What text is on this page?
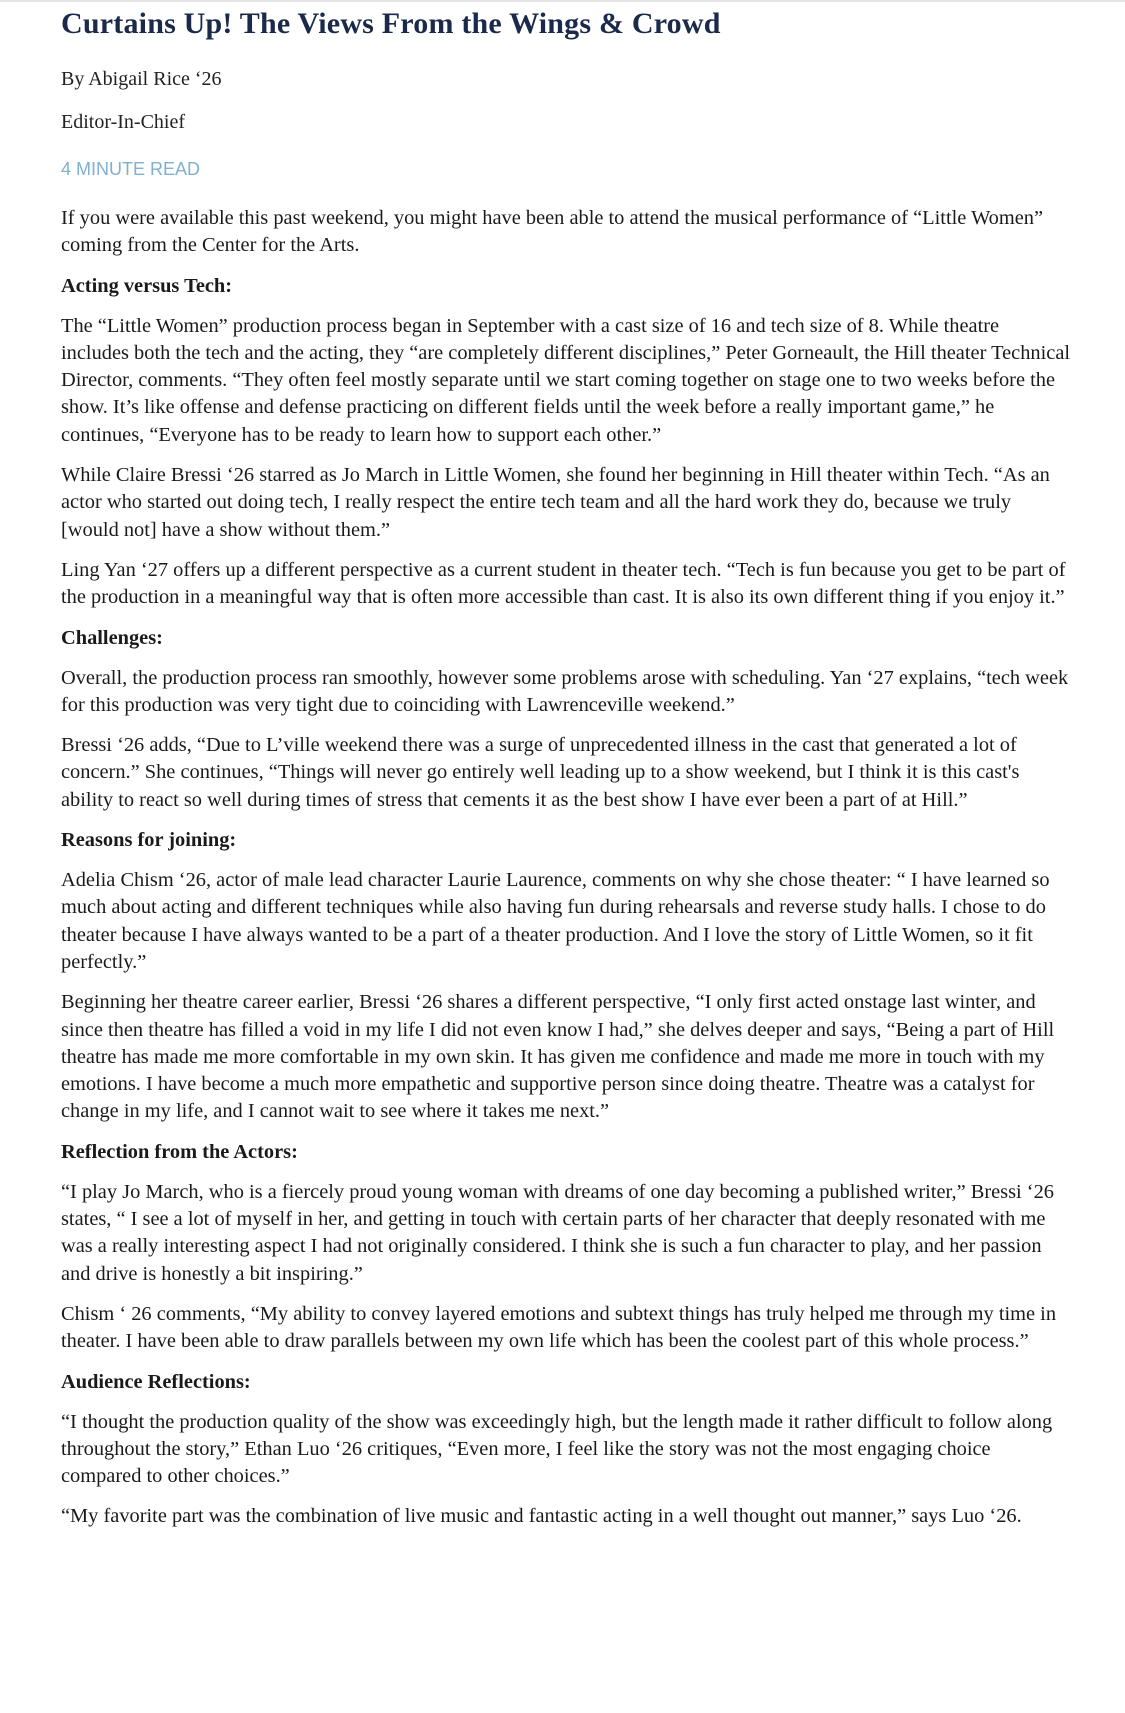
Curtains Up! The Views From the Wings & Crowd

By Abigail Rice ‘26

Editor-In-Chief

4 MINUTE READ

If you were available this past weekend, you might have been able to attend the musical performance of “Little Women” coming from the Center for the Arts.

Acting versus Tech:

The “Little Women” production process began in September with a cast size of 16 and tech size of 8. While theatre includes both the tech and the acting, they “are completely different disciplines,” Peter Gorneault, the Hill theater Technical Director, comments. “They often feel mostly separate until we start coming together on stage one to two weeks before the show. It’s like offense and defense practicing on different fields until the week before a really important game,” he continues, “Everyone has to be ready to learn how to support each other.”

While Claire Bressi ‘26 starred as Jo March in Little Women, she found her beginning in Hill theater within Tech. “As an actor who started out doing tech, I really respect the entire tech team and all the hard work they do, because we truly [would not] have a show without them.”

Ling Yan ‘27 offers up a different perspective as a current student in theater tech. “Tech is fun because you get to be part of the production in a meaningful way that is often more accessible than cast. It is also its own different thing if you enjoy it.”

Challenges:

Overall, the production process ran smoothly, however some problems arose with scheduling. Yan ‘27 explains, “tech week for this production was very tight due to coinciding with Lawrenceville weekend.”

Bressi ‘26 adds, “Due to L’ville weekend there was a surge of unprecedented illness in the cast that generated a lot of concern.” She continues, “Things will never go entirely well leading up to a show weekend, but I think it is this cast's ability to react so well during times of stress that cements it as the best show I have ever been a part of at Hill.”

Reasons for joining:

Adelia Chism ‘26, actor of male lead character Laurie Laurence, comments on why she chose theater: “ I have learned so much about acting and different techniques while also having fun during rehearsals and reverse study halls. I chose to do theater because I have always wanted to be a part of a theater production. And I love the story of Little Women, so it fit perfectly.”

Beginning her theatre career earlier, Bressi ‘26 shares a different perspective, “I only first acted onstage last winter, and since then theatre has filled a void in my life I did not even know I had,” she delves deeper and says, “Being a part of Hill theatre has made me more comfortable in my own skin. It has given me confidence and made me more in touch with my emotions. I have become a much more empathetic and supportive person since doing theatre. Theatre was a catalyst for change in my life, and I cannot wait to see where it takes me next.”

Reflection from the Actors:

“I play Jo March, who is a fiercely proud young woman with dreams of one day becoming a published writer,” Bressi ‘26 states, “ I see a lot of myself in her, and getting in touch with certain parts of her character that deeply resonated with me was a really interesting aspect I had not originally considered. I think she is such a fun character to play, and her passion and drive is honestly a bit inspiring.”

Chism ‘ 26 comments, “My ability to convey layered emotions and subtext things has truly helped me through my time in theater. I have been able to draw parallels between my own life which has been the coolest part of this whole process.”

Audience Reflections:

“I thought the production quality of the show was exceedingly high, but the length made it rather difficult to follow along throughout the story,” Ethan Luo ‘26 critiques, “Even more, I feel like the story was not the most engaging choice compared to other choices.”

“My favorite part was the combination of live music and fantastic acting in a well thought out manner,” says Luo ‘26.
